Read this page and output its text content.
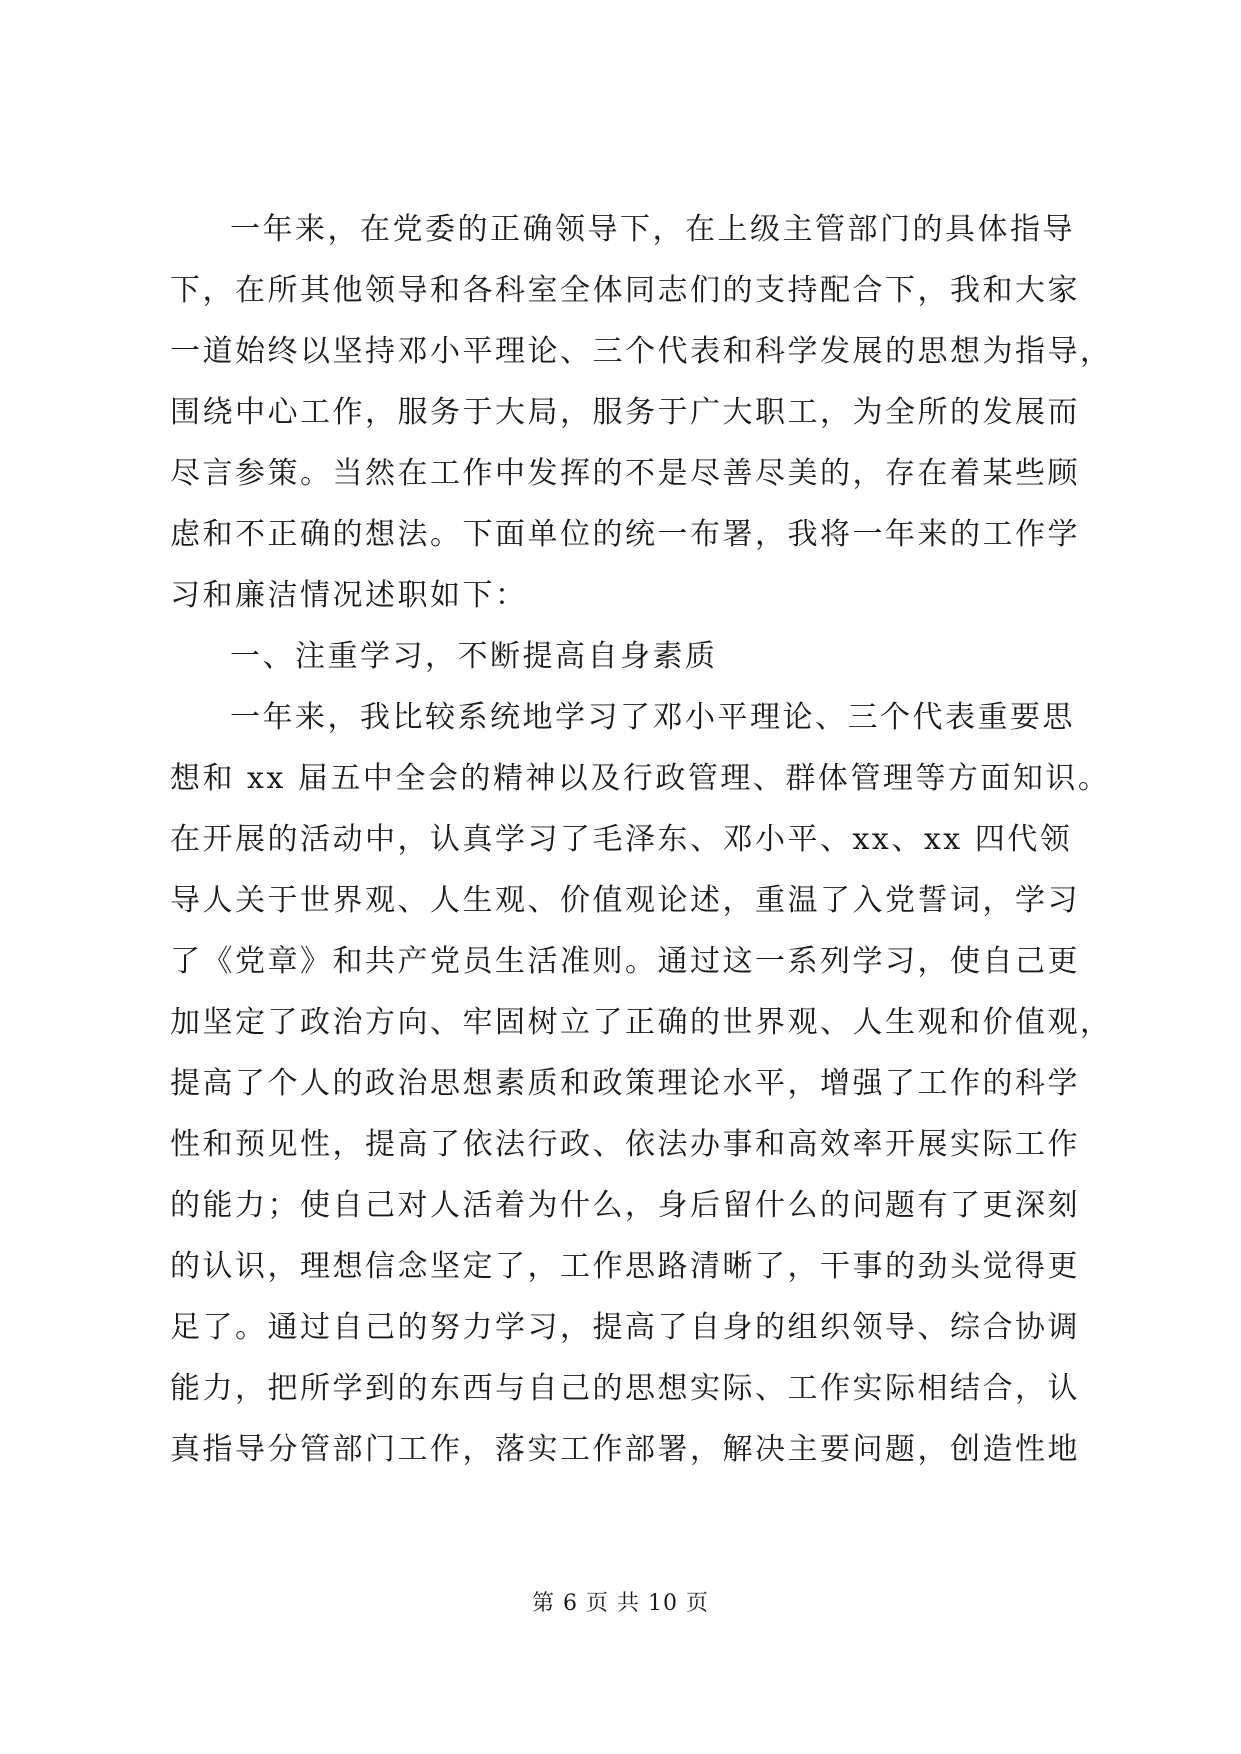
一年来，在党委的正确领导下，在上级主管部门的具体指导
下，在所其他领导和各科室全体同志们的支持配合下，我和大家
一道始终以坚持邓小平理论、三个代表和科学发展的思想为指导，
围绕中心工作，服务于大局，服务于广大职工，为全所的发展而
尽言参策。当然在工作中发挥的不是尽善尽美的，存在着某些顾
虑和不正确的想法。下面单位的统一布署，我将一年来的工作学
习和廉洁情况述职如下：
一、注重学习，不断提高自身素质
一年来，我比较系统地学习了邓小平理论、三个代表重要思
想和 xx 届五中全会的精神以及行政管理、群体管理等方面知识。
在开展的活动中，认真学习了毛泽东、邓小平、xx、xx 四代领
导人关于世界观、人生观、价值观论述，重温了入党誓词，学习
了《党章》和共产党员生活准则。通过这一系列学习，使自己更
加坚定了政治方向、牢固树立了正确的世界观、人生观和价值观，
提高了个人的政治思想素质和政策理论水平，增强了工作的科学
性和预见性，提高了依法行政、依法办事和高效率开展实际工作
的能力；使自己对人活着为什么，身后留什么的问题有了更深刻
的认识，理想信念坚定了，工作思路清晰了，干事的劲头觉得更
足了。通过自己的努力学习，提高了自身的组织领导、综合协调
能力，把所学到的东西与自己的思想实际、工作实际相结合，认
真指导分管部门工作，落实工作部署，解决主要问题，创造性地
第 6 页 共 10 页
